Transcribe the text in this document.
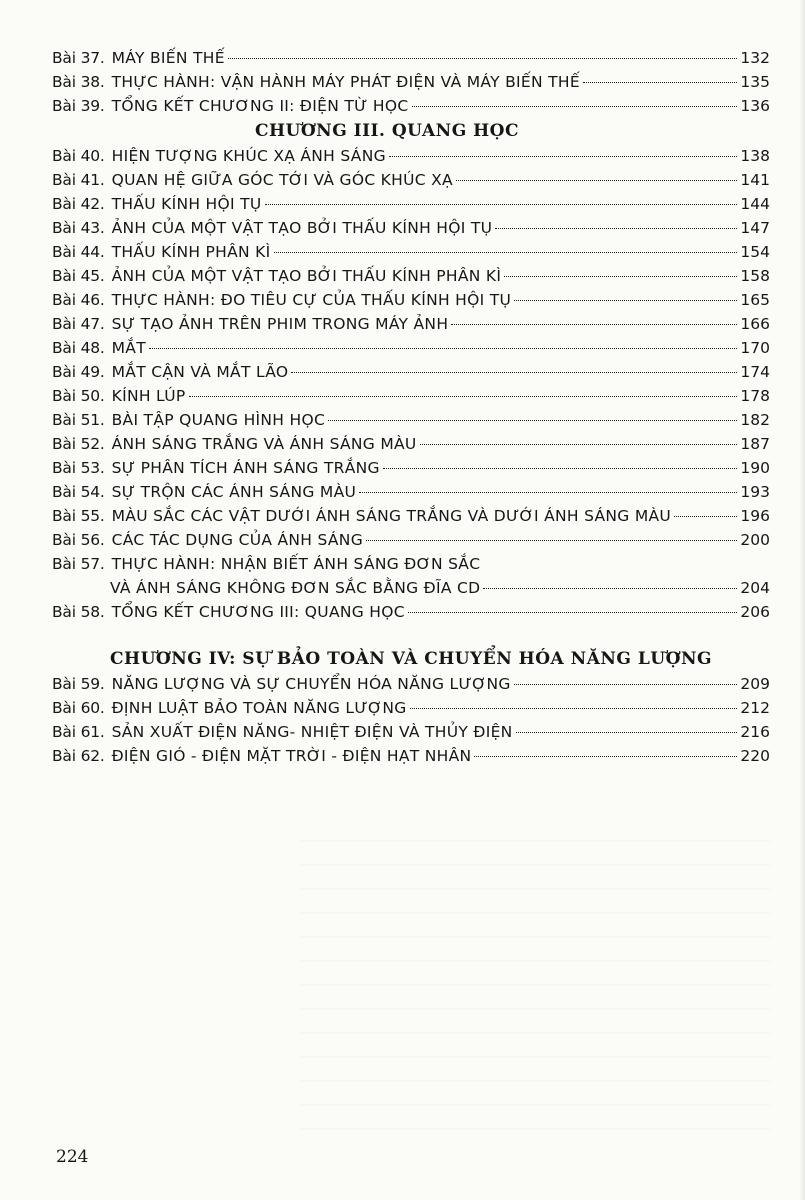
Bài 37. MÁY BIẾN THẾ	132
Bài 38. THỰC HÀNH: VẬN HÀNH MÁY PHÁT ĐIỆN VÀ MÁY BIẾN THẾ	135
Bài 39. TỔNG KẾT CHƯƠNG II: ĐIỆN TỪ HỌC	136
CHƯƠNG III. QUANG HỌC
Bài 40. HIỆN TƯỢNG KHÚC XẠ ÁNH SÁNG	138
Bài 41. QUAN HỆ GIỮA GÓC TỚI VÀ GÓC KHÚC XẠ	141
Bài 42. THẤU KÍNH HỘI TỤ	144
Bài 43. ẢNH CỦA MỘT VẬT TẠO BỞI THẤU KÍNH HỘI TỤ	147
Bài 44. THẤU KÍNH PHÂN KÌ	154
Bài 45. ẢNH CỦA MỘT VẬT TẠO BỞI THẤU KÍNH PHÂN KÌ	158
Bài 46. THỰC HÀNH: ĐO TIÊU CỰ CỦA THẤU KÍNH HỘI TỤ	165
Bài 47. SỰ TẠO ẢNH TRÊN PHIM TRONG MÁY ẢNH	166
Bài 48. MẮT	170
Bài 49. MẮT CẬN VÀ MẮT LÃO	174
Bài 50. KÍNH LÚP	178
Bài 51. BÀI TẬP QUANG HÌNH HỌC	182
Bài 52. ÁNH SÁNG TRẮNG VÀ ÁNH SÁNG MÀU	187
Bài 53. SỰ PHÂN TÍCH ÁNH SÁNG TRẮNG	190
Bài 54. SỰ TRỘN CÁC ÁNH SÁNG MÀU	193
Bài 55. MÀU SẮC CÁC VẬT DƯỚI ÁNH SÁNG TRẮNG VÀ DƯỚI ÁNH SÁNG MÀU	196
Bài 56. CÁC TÁC DỤNG CỦA ÁNH SÁNG	200
Bài 57. THỰC HÀNH: NHẬN BIẾT ÁNH SÁNG ĐƠN SẮC
VÀ ÁNH SÁNG KHÔNG ĐƠN SẮC BẰNG ĐĨA CD	204
Bài 58. TỔNG KẾT CHƯƠNG III: QUANG HỌC	206
CHƯƠNG IV: SỰ BẢO TOÀN VÀ CHUYỂN HÓA NĂNG LƯỢNG
Bài 59. NĂNG LƯỢNG VÀ SỰ CHUYỂN HÓA NĂNG LƯỢNG	209
Bài 60. ĐỊNH LUẬT BẢO TOÀN NĂNG LƯỢNG	212
Bài 61. SẢN XUẤT ĐIỆN NĂNG- NHIỆT ĐIỆN VÀ THỦY ĐIỆN	216
Bài 62. ĐIỆN GIÓ - ĐIỆN MẶT TRỜI - ĐIỆN HẠT NHÂN	220
224
